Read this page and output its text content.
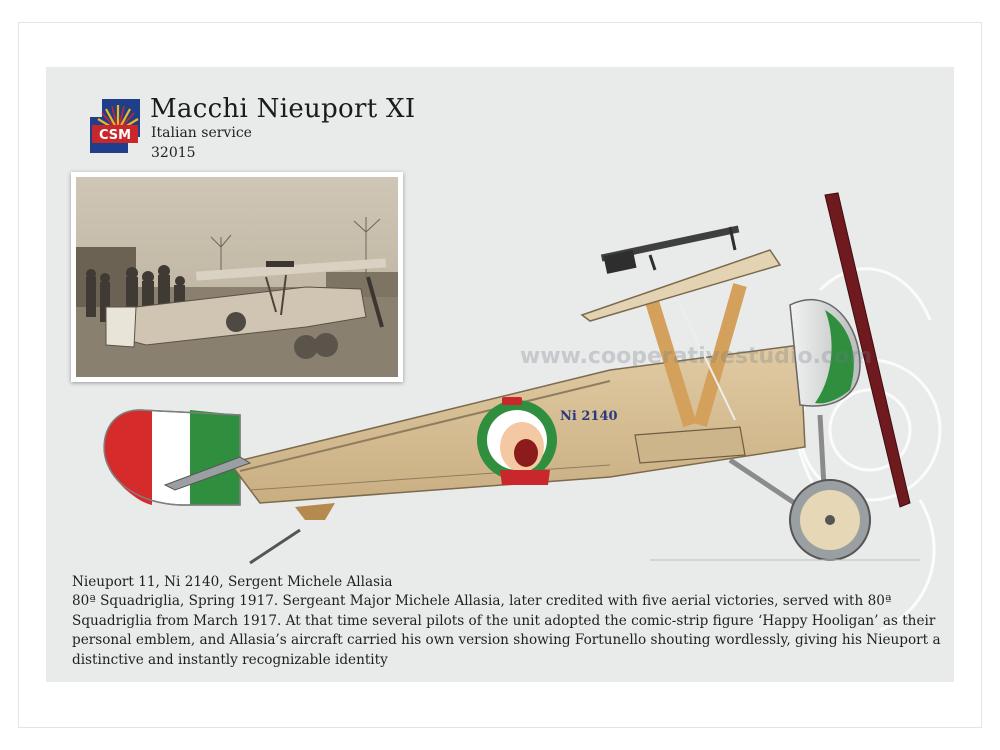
CSM
Macchi Nieuport XI
Italian service
32015
Ni 2140
www.cooperativestudio.com

Nieuport 11, Ni 2140, Sergent Michele Allasia

80ª Squadriglia, Spring 1917. Sergeant Major Michele Allasia, later credited with five aerial victories, served with 80ª Squadriglia from March 1917. At that time several pilots of the unit adopted the comic-strip figure ‘Happy Hooligan’ as their personal emblem, and Allasia’s aircraft carried his own version showing Fortunello shouting wordlessly, giving his Nieuport a distinctive and instantly recognizable identity
